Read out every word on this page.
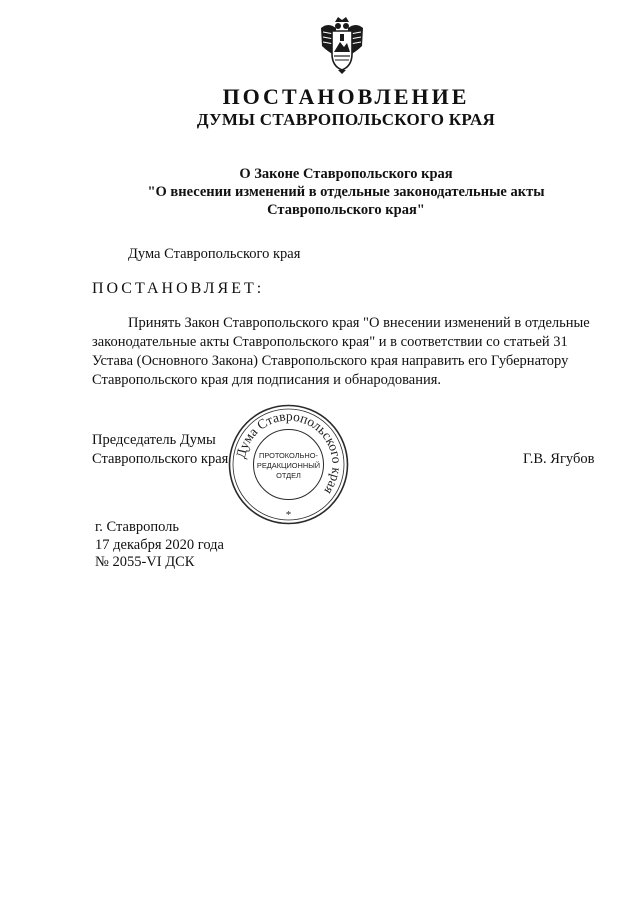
ПОСТАНОВЛЕНИЕ
ДУМЫ СТАВРОПОЛЬСКОГО КРАЯ
О Законе Ставропольского края
"О внесении изменений в отдельные законодательные акты
Ставропольского края"
Дума Ставропольского края
ПОСТАНОВЛЯЕТ:

Принять Закон Ставропольского края "О внесении изменений в отдельные

законодательные акты Ставропольского края" и в соответствии со статьей 31

Устава (Основного Закона) Ставропольского края направить его Губернатору

Ставропольского края для подписания и обнародования.

Председатель Думы
Ставропольского края	Г.В. Ягубов
Дума Ставропольского края
ПРОТОКОЛЬНО-
РЕДАКЦИОННЫЙ
ОТДЕЛ
*
г. Ставрополь
17 декабря 2020 года
№ 2055-VI ДСК
